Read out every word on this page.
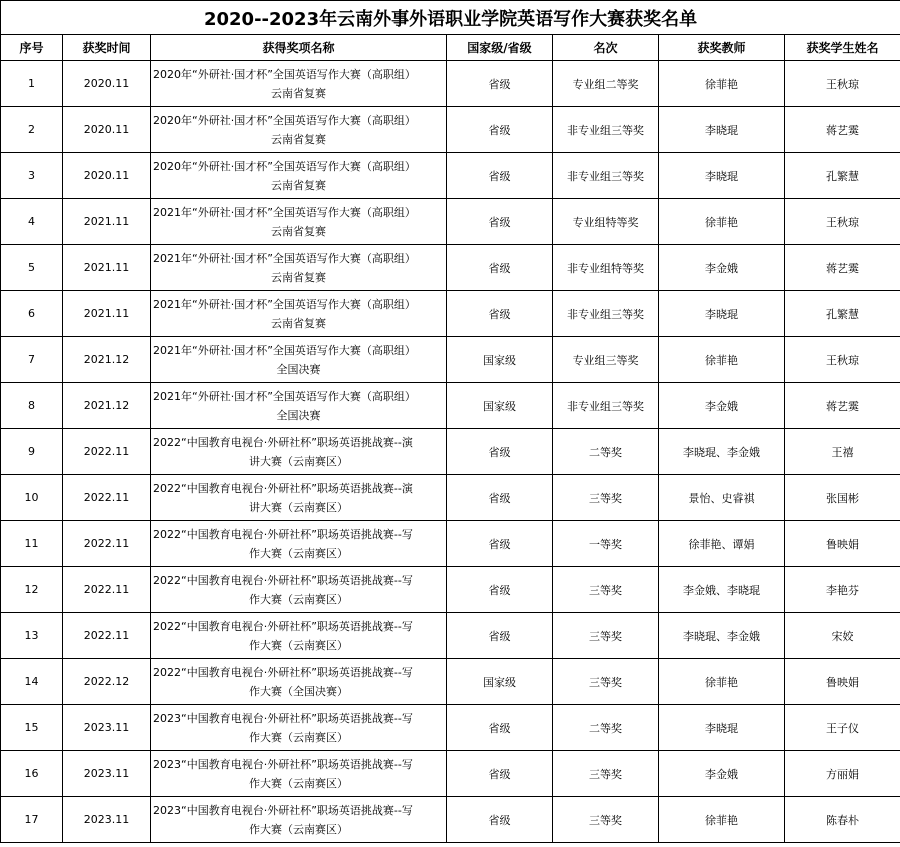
2020--2023年云南外事外语职业学院英语写作大赛获奖名单						
序号	获奖时间	获得奖项名称	国家级/省级	名次	获奖教师	获奖学生姓名
1	2020.11	2020年“外研社·国才杯”全国英语写作大赛（高职组）
云南省复赛	省级	专业组二等奖	徐菲艳	王秋琼
2	2020.11	2020年“外研社·国才杯”全国英语写作大赛（高职组）
云南省复赛	省级	非专业组三等奖	李晓琨	蒋艺霙
3	2020.11	2020年“外研社·国才杯”全国英语写作大赛（高职组）
云南省复赛	省级	非专业组三等奖	李晓琨	孔繁慧
4	2021.11	2021年“外研社·国才杯”全国英语写作大赛（高职组）
云南省复赛	省级	专业组特等奖	徐菲艳	王秋琼
5	2021.11	2021年“外研社·国才杯”全国英语写作大赛（高职组）
云南省复赛	省级	非专业组特等奖	李金娥	蒋艺霙
6	2021.11	2021年“外研社·国才杯”全国英语写作大赛（高职组）
云南省复赛	省级	非专业组三等奖	李晓琨	孔繁慧
7	2021.12	2021年“外研社·国才杯”全国英语写作大赛（高职组）
全国决赛	国家级	专业组三等奖	徐菲艳	王秋琼
8	2021.12	2021年“外研社·国才杯”全国英语写作大赛（高职组）
全国决赛	国家级	非专业组三等奖	李金娥	蒋艺霙
9	2022.11	2022“中国教育电视台·外研社杯”职场英语挑战赛--演
讲大赛（云南赛区）	省级	二等奖	李晓琨、李金娥	王禧
10	2022.11	2022“中国教育电视台·外研社杯”职场英语挑战赛--演
讲大赛（云南赛区）	省级	三等奖	景怡、史睿祺	张国彬
11	2022.11	2022“中国教育电视台·外研社杯”职场英语挑战赛--写
作大赛（云南赛区）	省级	一等奖	徐菲艳、谭娟	鲁映娟
12	2022.11	2022“中国教育电视台·外研社杯”职场英语挑战赛--写
作大赛（云南赛区）	省级	三等奖	李金娥、李晓琨	李艳芬
13	2022.11	2022“中国教育电视台·外研社杯”职场英语挑战赛--写
作大赛（云南赛区）	省级	三等奖	李晓琨、李金娥	宋姣
14	2022.12	2022“中国教育电视台·外研社杯”职场英语挑战赛--写
作大赛（全国决赛）	国家级	三等奖	徐菲艳	鲁映娟
15	2023.11	2023“中国教育电视台·外研社杯”职场英语挑战赛--写
作大赛（云南赛区）	省级	二等奖	李晓琨	王子仪
16	2023.11	2023“中国教育电视台·外研社杯”职场英语挑战赛--写
作大赛（云南赛区）	省级	三等奖	李金娥	方丽娟
17	2023.11	2023“中国教育电视台·外研社杯”职场英语挑战赛--写
作大赛（云南赛区）	省级	三等奖	徐菲艳	陈春朴
